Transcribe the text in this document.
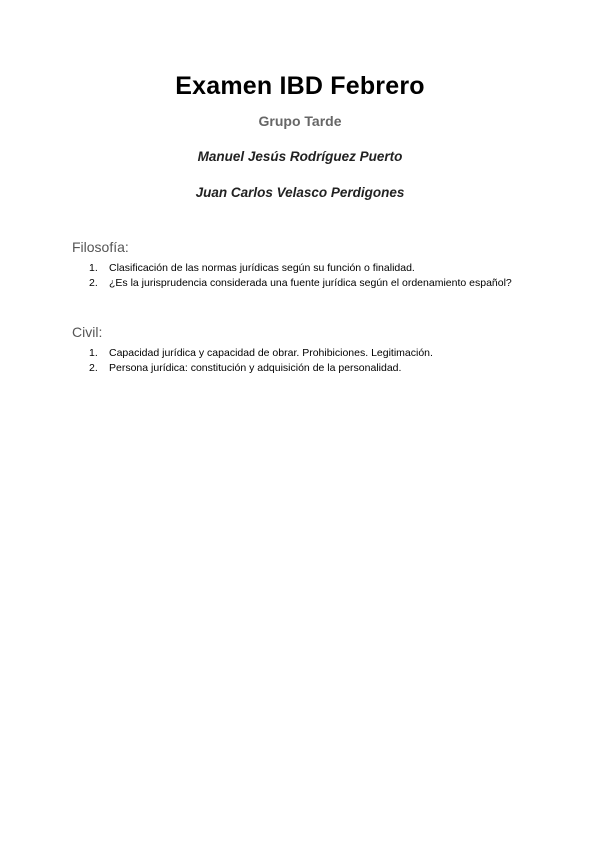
Examen IBD Febrero
Grupo Tarde
Manuel Jesús Rodríguez Puerto
Juan Carlos Velasco Perdigones
Filosofía:
1. Clasificación de las normas jurídicas según su función o finalidad.
2. ¿Es la jurisprudencia considerada una fuente jurídica según el ordenamiento español?
Civil:
1. Capacidad jurídica y capacidad de obrar. Prohibiciones. Legitimación.
2. Persona jurídica: constitución y adquisición de la personalidad.
